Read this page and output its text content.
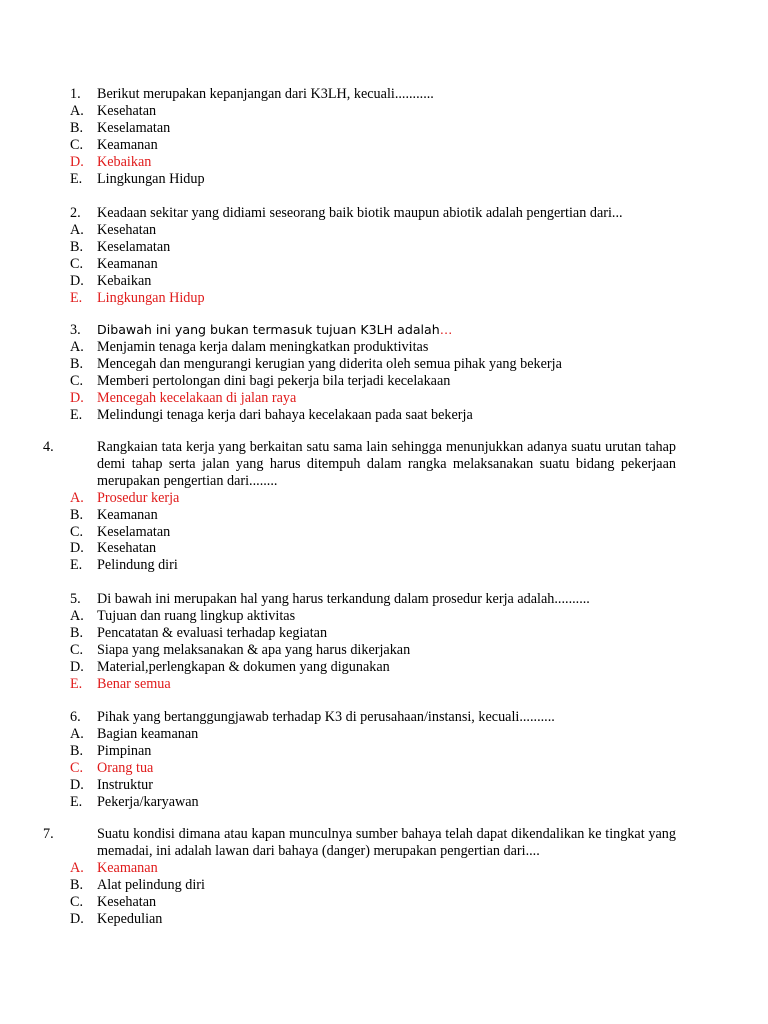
1. Berikut merupakan kepanjangan dari K3LH, kecuali...........

A. Kesehatan

B. Keselamatan

C. Keamanan

D. Kebaikan

E. Lingkungan Hidup

2. Keadaan sekitar yang didiami seseorang baik biotik maupun abiotik adalah pengertian dari...

A. Kesehatan

B. Keselamatan

C. Keamanan

D. Kebaikan

E. Lingkungan Hidup

3. Dibawah ini yang bukan termasuk tujuan K3LH adalah…

A. Menjamin tenaga kerja dalam meningkatkan produktivitas

B. Mencegah dan mengurangi kerugian yang diderita oleh semua pihak yang bekerja

C. Memberi pertolongan dini bagi pekerja bila terjadi kecelakaan

D. Mencegah kecelakaan di jalan raya

E. Melindungi tenaga kerja dari bahaya kecelakaan pada saat bekerja

4.	Rangkaian tata kerja yang berkaitan satu sama lain sehingga menunjukkan adanya suatu urutan tahap demi tahap serta jalan yang harus ditempuh dalam rangka melaksanakan suatu bidang pekerjaan merupakan pengertian dari........

A. Prosedur kerja

B. Keamanan

C. Keselamatan

D. Kesehatan

E. Pelindung diri

5. Di bawah ini merupakan hal yang harus terkandung dalam prosedur kerja adalah..........

A. Tujuan dan ruang lingkup aktivitas

B. Pencatatan & evaluasi terhadap kegiatan

C. Siapa yang melaksanakan & apa yang harus dikerjakan

D. Material,perlengkapan & dokumen yang digunakan

E. Benar semua

6. Pihak yang bertanggungjawab terhadap K3 di perusahaan/instansi, kecuali..........

A. Bagian keamanan

B. Pimpinan

C. Orang tua

D. Instruktur

E. Pekerja/karyawan

7.	Suatu kondisi dimana atau kapan munculnya sumber bahaya telah dapat dikendalikan ke tingkat yang memadai, ini adalah lawan dari bahaya (danger) merupakan pengertian dari....

A. Keamanan

B. Alat pelindung diri

C. Kesehatan

D. Kepedulian
